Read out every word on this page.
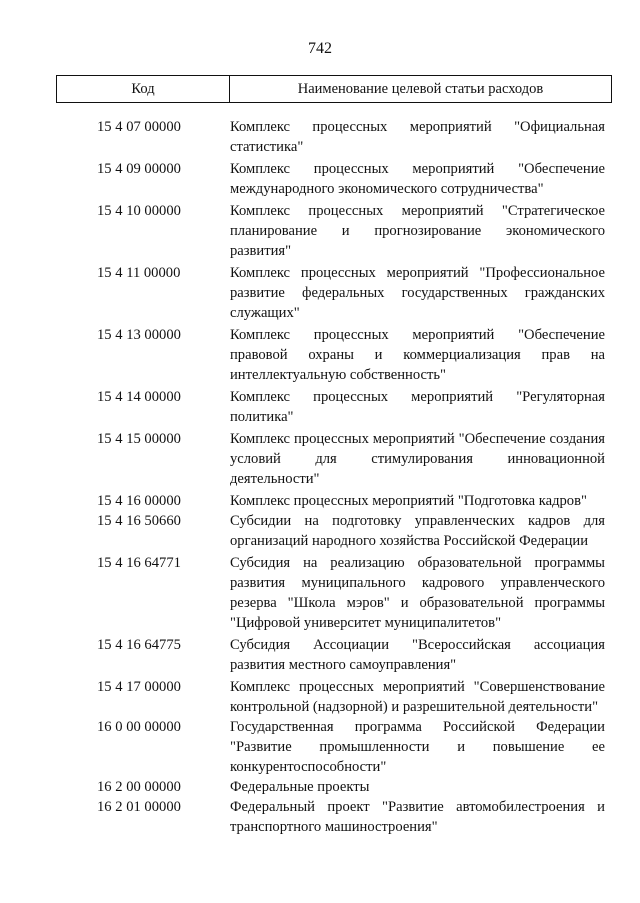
742
Код	Наименование целевой статьи расходов
15 4 07 00000	Комплекс процессных мероприятий "Официальная статистика"
15 4 09 00000	Комплекс процессных мероприятий "Обеспечение международного экономического сотрудничества"
15 4 10 00000	Комплекс процессных мероприятий "Стратегическое планирование и прогнозирование экономического развития"
15 4 11 00000	Комплекс процессных мероприятий "Профессиональное развитие федеральных государственных гражданских служащих"
15 4 13 00000	Комплекс процессных мероприятий "Обеспечение правовой охраны и коммерциализация прав на интеллектуальную собственность"
15 4 14 00000	Комплекс процессных мероприятий "Регуляторная политика"
15 4 15 00000	Комплекс процессных мероприятий "Обеспечение создания условий для стимулирования инновационной деятельности"
15 4 16 00000	Комплекс процессных мероприятий "Подготовка кадров"
15 4 16 50660	Субсидии на подготовку управленческих кадров для организаций народного хозяйства Российской Федерации
15 4 16 64771	Субсидия на реализацию образовательной программы развития муниципального кадрового управленческого резерва "Школа мэров" и образовательной программы "Цифровой университет муниципалитетов"
15 4 16 64775	Субсидия Ассоциации "Всероссийская ассоциация развития местного самоуправления"
15 4 17 00000	Комплекс процессных мероприятий "Совершенствование контрольной (надзорной) и разрешительной деятельности"
16 0 00 00000	Государственная программа Российской Федерации "Развитие промышленности и повышение ее конкурентоспособности"
16 2 00 00000	Федеральные проекты
16 2 01 00000	Федеральный проект "Развитие автомобилестроения и транспортного машиностроения"
